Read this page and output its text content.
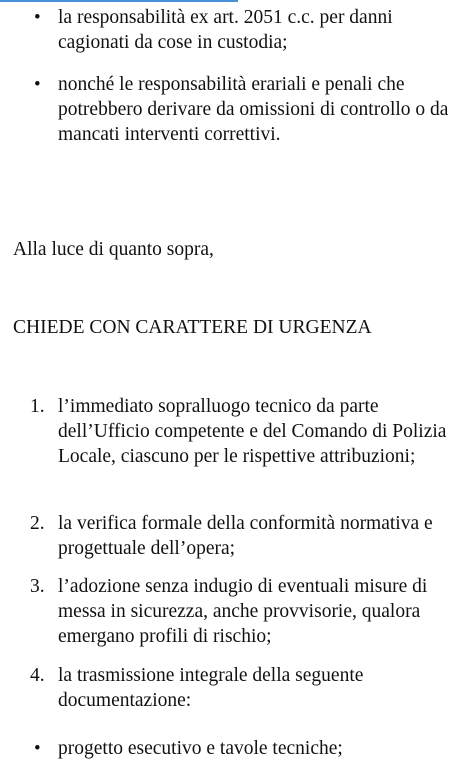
• la responsabilità ex art. 2051 c.c. per danni cagionati da cose in custodia;
• nonché le responsabilità erariali e penali che potrebbero derivare da omissioni di controllo o da mancati interventi correttivi.
Alla luce di quanto sopra,
CHIEDE CON CARATTERE DI URGENZA
1. l’immediato sopralluogo tecnico da parte dell’Ufficio competente e del Comando di Polizia Locale, ciascuno per le rispettive attribuzioni;
2. la verifica formale della conformità normativa e progettuale dell’opera;
3. l’adozione senza indugio di eventuali misure di messa in sicurezza, anche provvisorie, qualora emergano profili di rischio;
4. la trasmissione integrale della seguente documentazione:
• progetto esecutivo e tavole tecniche;
